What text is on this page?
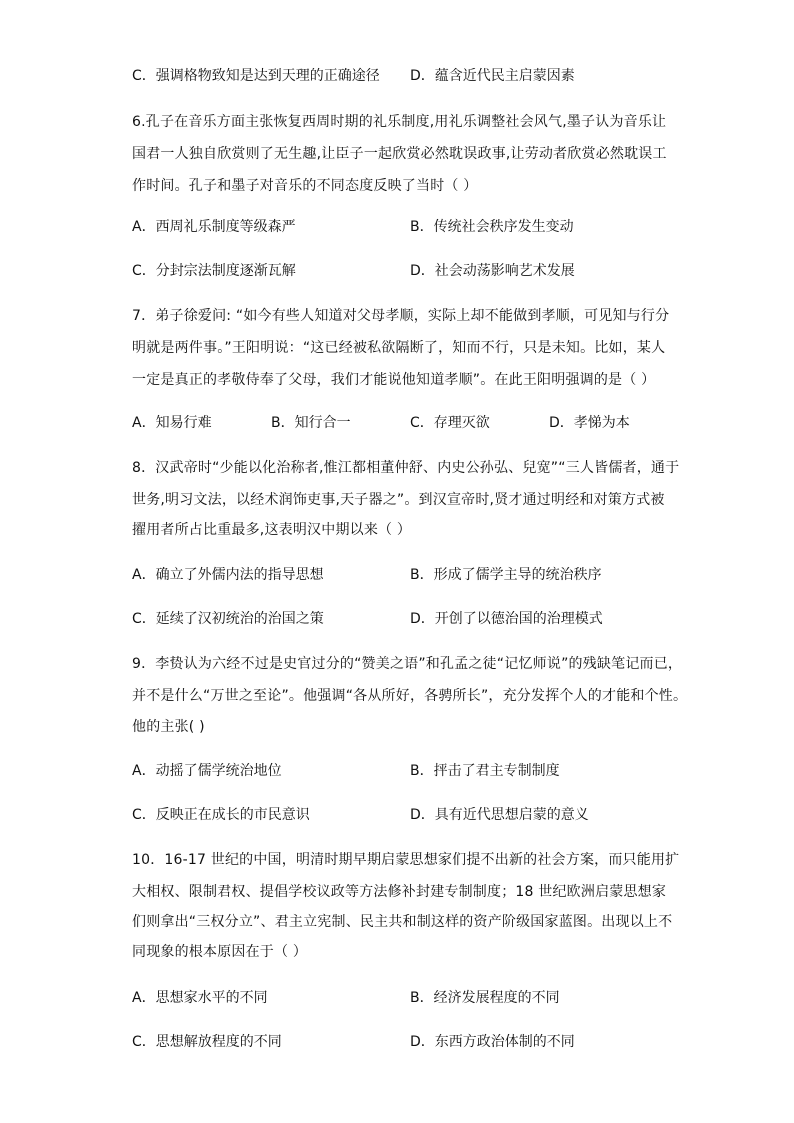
C．强调格物致知是达到天理的正确途径 D．蕴含近代民主启蒙因素
6.孔子在音乐方面主张恢复西周时期的礼乐制度,用礼乐调整社会风气,墨子认为音乐让
国君一人独自欣赏则了无生趣,让臣子一起欣赏必然耽误政事,让劳动者欣赏必然耽误工
作时间。孔子和墨子对音乐的不同态度反映了当时（ ）
A．西周礼乐制度等级森严	B．传统社会秩序发生变动
C．分封宗法制度逐渐瓦解	D．社会动荡影响艺术发展
7．弟子徐爱问: “如今有些人知道对父母孝顺，实际上却不能做到孝顺，可见知与行分
明就是两件事。”王阳明说：“这已经被私欲隔断了，知而不行，只是未知。比如，某人
一定是真正的孝敬侍奉了父母，我们才能说他知道孝顺”。在此王阳明强调的是（ ）
A．知易行难	B．知行合一	C．存理灭欲	D．孝悌为本
8．汉武帝时“少能以化治称者,惟江都相董仲舒、内史公孙弘、兒宽”“三人皆儒者，通于
世务,明习文法，以经术润饰吏事,天子器之”。到汉宣帝时,贤才通过明经和对策方式被
擢用者所占比重最多,这表明汉中期以来（ ）
A．确立了外儒内法的指导思想	B．形成了儒学主导的统治秩序
C．延续了汉初统治的治国之策	D．开创了以德治国的治理模式
9．李贽认为六经不过是史官过分的“赞美之语”和孔孟之徒“记忆师说”的残缺笔记而已，
并不是什么“万世之至论”。他强调“各从所好，各骋所长”，充分发挥个人的才能和个性。
他的主张( )
A．动摇了儒学统治地位	B．抨击了君主专制制度
C．反映正在成长的市民意识	D．具有近代思想启蒙的意义
10．16-17 世纪的中国，明清时期早期启蒙思想家们提不出新的社会方案，而只能用扩
大相权、限制君权、提倡学校议政等方法修补封建专制制度；18 世纪欧洲启蒙思想家
们则拿出“三权分立”、君主立宪制、民主共和制这样的资产阶级国家蓝图。出现以上不
同现象的根本原因在于（ ）
A．思想家水平的不同	B．经济发展程度的不同
C．思想解放程度的不同	D．东西方政治体制的不同
